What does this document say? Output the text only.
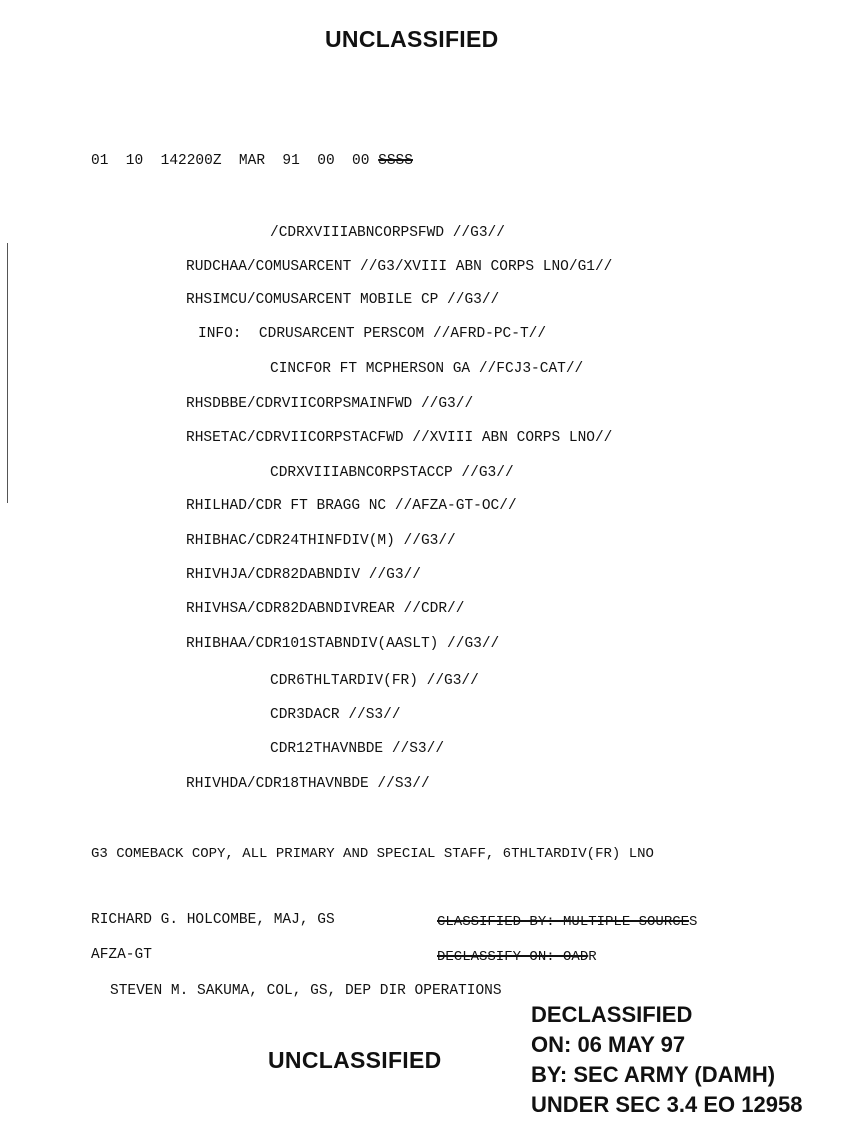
UNCLASSIFIED
01  10  142200Z  MAR  91  00  00 SSSS
/CDRXVIIIABNCORPSFWD //G3//
RUDCHAA/COMUSARCENT //G3/XVIII ABN CORPS LNO/G1//
RHSIMCU/COMUSARCENT MOBILE CP //G3//
INFO:  CDRUSARCENT PERSCOM //AFRD-PC-T//
CINCFOR FT MCPHERSON GA //FCJ3-CAT//
RHSDBBE/CDRVIICORPSMAINFWD //G3//
RHSETAC/CDRVIICORPSTACFWD //XVIII ABN CORPS LNO//
CDRXVIIIABNCORPSTACCP //G3//
RHILHAD/CDR FT BRAGG NC //AFZA-GT-OC//
RHIBHAC/CDR24THINFDIV(M) //G3//
RHIVHJA/CDR82DABNDIV //G3//
RHIVHSA/CDR82DABNDIVREAR //CDR//
RHIBHAA/CDR101STABNDIV(AASLT) //G3//
CDR6THLTARDIV(FR) //G3//
CDR3DACR //S3//
CDR12THAVNBDE //S3//
RHIVHDA/CDR18THAVNBDE //S3//
G3 COMEBACK COPY, ALL PRIMARY AND SPECIAL STAFF, 6THLTARDIV(FR) LNO
RICHARD G. HOLCOMBE, MAJ, GS	CLASSIFIED BY: MULTIPLE SOURCES
AFZA-GT	DECLASSIFY ON: OADR
STEVEN M. SAKUMA, COL, GS, DEP DIR OPERATIONS
UNCLASSIFIED
DECLASSIFIED
ON: 06 MAY 97
BY: SEC ARMY (DAMH)
UNDER SEC 3.4 EO 12958
